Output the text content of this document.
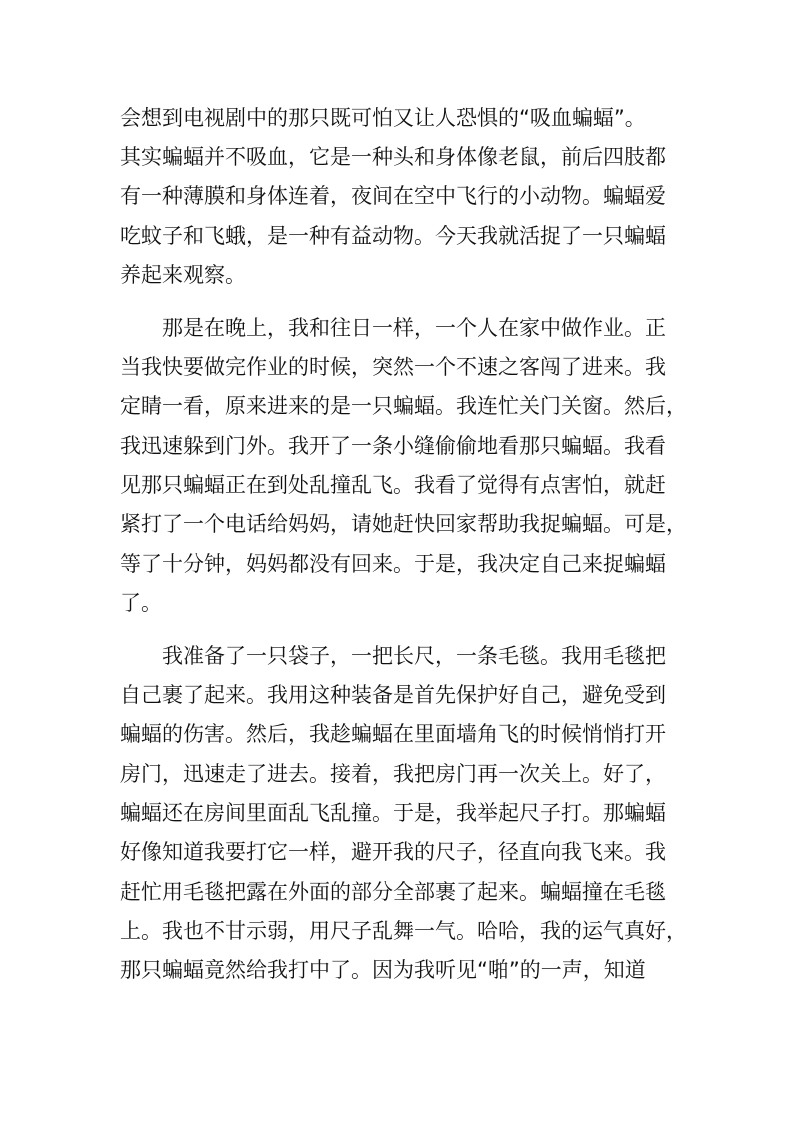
会想到电视剧中的那只既可怕又让人恐惧的“吸血蝙蝠”。
其实蝙蝠并不吸血，它是一种头和身体像老鼠，前后四肢都
有一种薄膜和身体连着，夜间在空中飞行的小动物。蝙蝠爱
吃蚊子和飞蛾，是一种有益动物。今天我就活捉了一只蝙蝠
养起来观察。
那是在晚上，我和往日一样，一个人在家中做作业。正
当我快要做完作业的时候，突然一个不速之客闯了进来。我
定睛一看，原来进来的是一只蝙蝠。我连忙关门关窗。然后，
我迅速躲到门外。我开了一条小缝偷偷地看那只蝙蝠。我看
见那只蝙蝠正在到处乱撞乱飞。我看了觉得有点害怕，就赶
紧打了一个电话给妈妈，请她赶快回家帮助我捉蝙蝠。可是，
等了十分钟，妈妈都没有回来。于是，我决定自己来捉蝙蝠
了。
我准备了一只袋子，一把长尺，一条毛毯。我用毛毯把
自己裹了起来。我用这种装备是首先保护好自己，避免受到
蝙蝠的伤害。然后，我趁蝙蝠在里面墙角飞的时候悄悄打开
房门，迅速走了进去。接着，我把房门再一次关上。好了，
蝙蝠还在房间里面乱飞乱撞。于是，我举起尺子打。那蝙蝠
好像知道我要打它一样，避开我的尺子，径直向我飞来。我
赶忙用毛毯把露在外面的部分全部裹了起来。蝙蝠撞在毛毯
上。我也不甘示弱，用尺子乱舞一气。哈哈，我的运气真好，
那只蝙蝠竟然给我打中了。因为我听见“啪”的一声，知道
